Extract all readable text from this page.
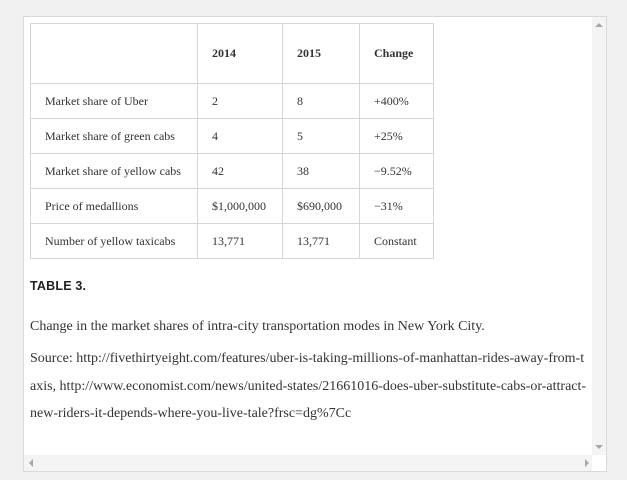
	2014	2015	Change
Market share of Uber	2	8	+400%
Market share of green cabs	4	5	+25%
Market share of yellow cabs	42	38	−9.52%
Price of medallions	$1,000,000	$690,000	−31%
Number of yellow taxicabs	13,771	13,771	Constant

TABLE 3.

Change in the market shares of intra-city transportation modes in New York City.

Source: http://fivethirtyeight.com/features/uber-is-taking-millions-of-manhattan-rides-away-from-taxis, http://www.economist.com/news/united-states/21661016-does-uber-substitute-cabs-or-attract-new-riders-it-depends-where-you-live-tale?frsc=dg%7Cc
